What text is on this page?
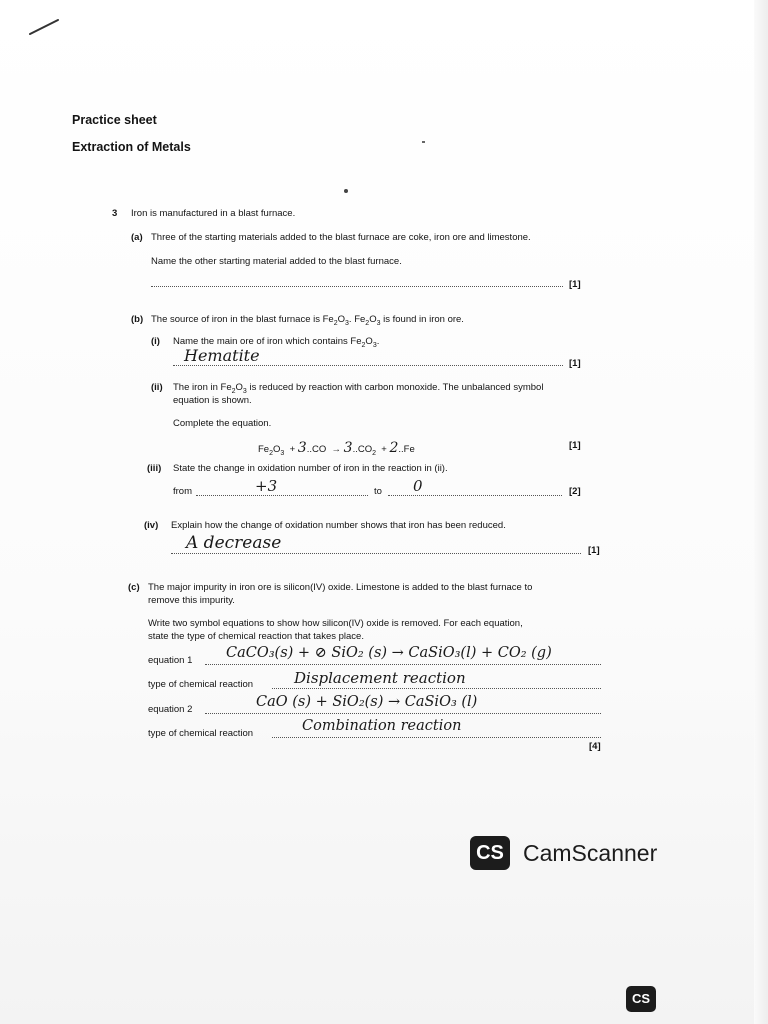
Practice sheet
Extraction of Metals
3 Iron is manufactured in a blast furnace.
(a) Three of the starting materials added to the blast furnace are coke, iron ore and limestone.
Name the other starting material added to the blast furnace.
[1]
(b) The source of iron in the blast furnace is $Fe_2O_3$. $Fe_2O_3$ is found in iron ore.
(i) Name the main ore of iron which contains $Fe_2O_3$.
Hematite	[1]
(ii) The iron in $Fe_2O_3$ is reduced by reaction with carbon monoxide. The unbalanced symbol
equation is shown.
Complete the equation.
$Fe_2O_3 + 3..CO \to 3..CO_2 + 2..Fe$	[1]
(iii) State the change in oxidation number of iron in the reaction in (ii).
from	+3	to 0	[2]
(iv) Explain how the change of oxidation number shows that iron has been reduced.
A decrease	[1]
(c) The major impurity in iron ore is silicon(IV) oxide. Limestone is added to the blast furnace to
remove this impurity.
Write two symbol equations to show how silicon(IV) oxide is removed. For each equation,
state the type of chemical reaction that takes place.
equation 1 CaCO₃(s) + ⊘ SiO₂ (s) → CaSiO₃(l) + CO₂ (g)
type of chemical reaction	Displacement reaction
equation 2	CaO (s) + SiO₂(s) → CaSiO₃ (l)
type of chemical reaction	Combination reaction
[4]
CS CamScanner
CS
